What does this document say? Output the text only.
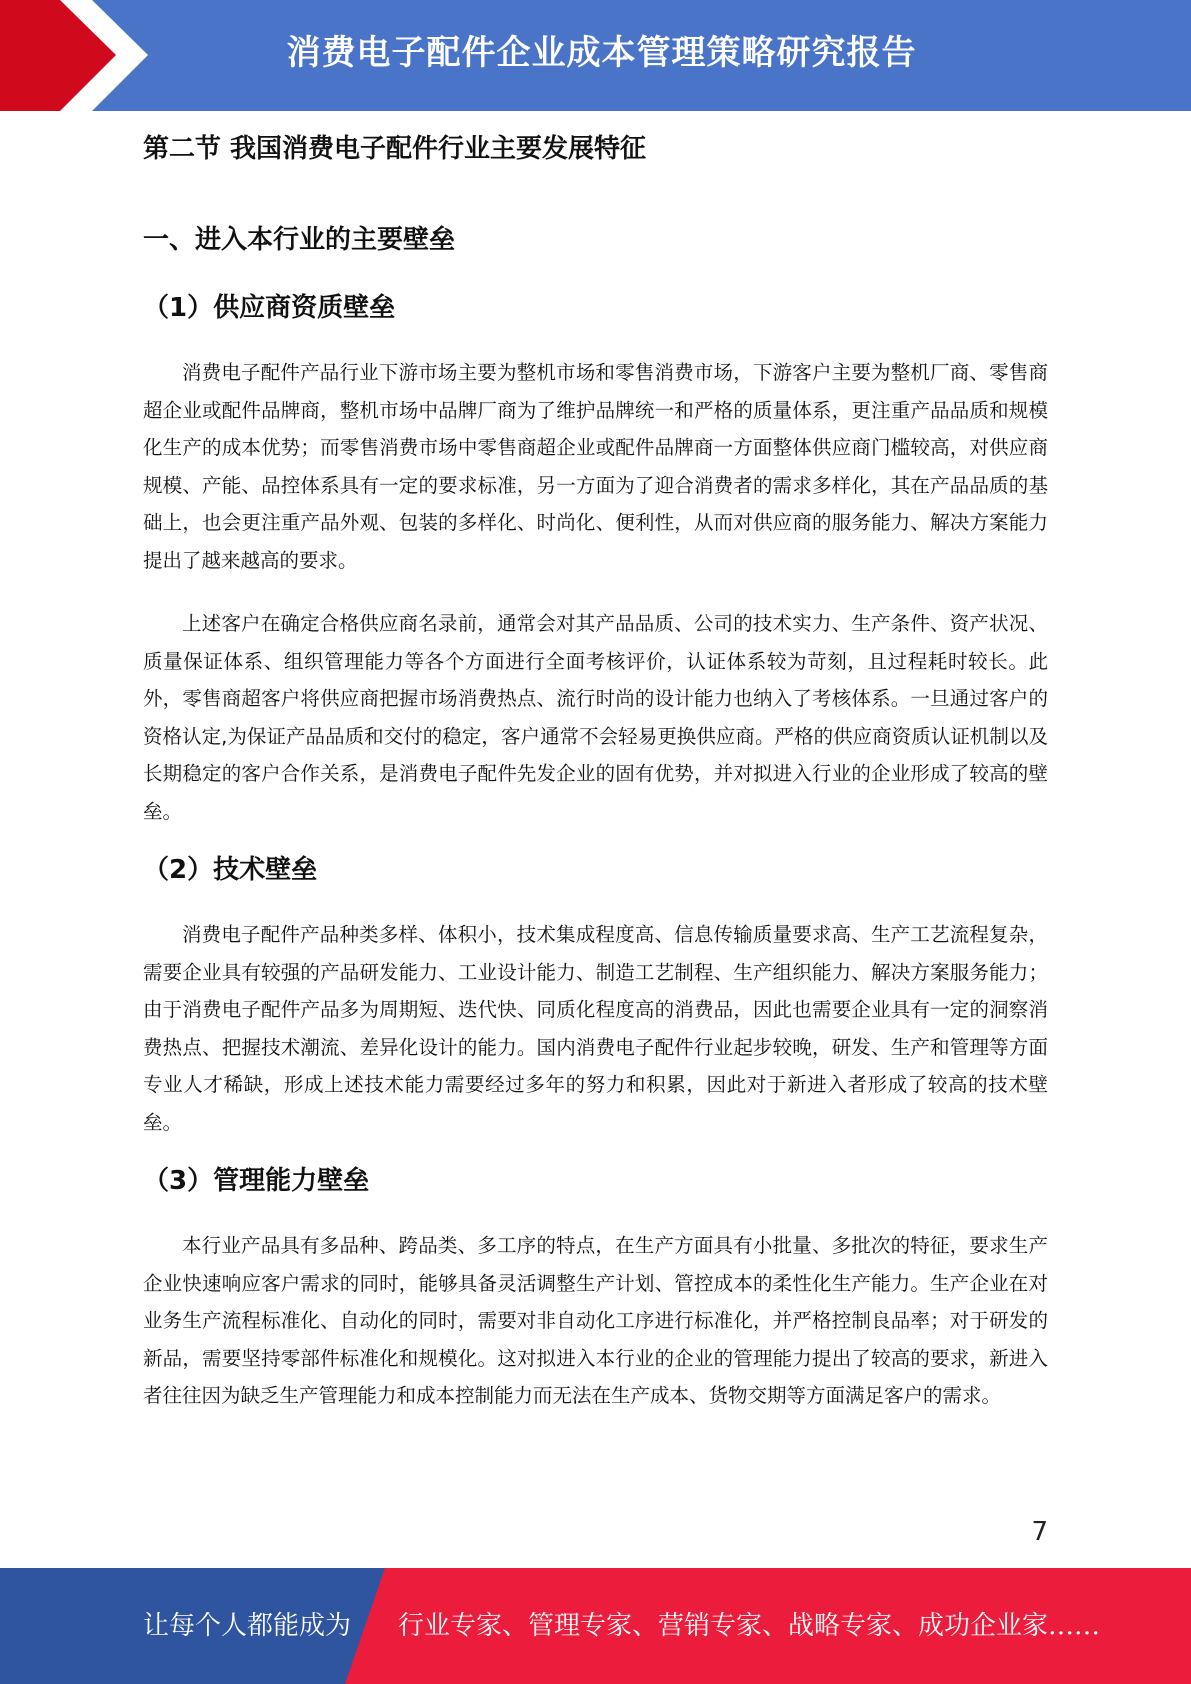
消费电子配件企业成本管理策略研究报告
第二节 我国消费电子配件行业主要发展特征
一、进入本行业的主要壁垒
（1）供应商资质壁垒

消费电子配件产品行业下游市场主要为整机市场和零售消费市场，下游客户主要为整机厂商、零售商超企业或配件品牌商，整机市场中品牌厂商为了维护品牌统一和严格的质量体系，更注重产品品质和规模化生产的成本优势；而零售消费市场中零售商超企业或配件品牌商一方面整体供应商门槛较高，对供应商规模、产能、品控体系具有一定的要求标准，另一方面为了迎合消费者的需求多样化，其在产品品质的基础上，也会更注重产品外观、包装的多样化、时尚化、便利性，从而对供应商的服务能力、解决方案能力提出了越来越高的要求。

上述客户在确定合格供应商名录前，通常会对其产品品质、公司的技术实力、生产条件、资产状况、质量保证体系、组织管理能力等各个方面进行全面考核评价，认证体系较为苛刻，且过程耗时较长。此外，零售商超客户将供应商把握市场消费热点、流行时尚的设计能力也纳入了考核体系。一旦通过客户的资格认定,为保证产品品质和交付的稳定，客户通常不会轻易更换供应商。严格的供应商资质认证机制以及长期稳定的客户合作关系，是消费电子配件先发企业的固有优势，并对拟进入行业的企业形成了较高的壁垒。

（2）技术壁垒

消费电子配件产品种类多样、体积小，技术集成程度高、信息传输质量要求高、生产工艺流程复杂，需要企业具有较强的产品研发能力、工业设计能力、制造工艺制程、生产组织能力、解决方案服务能力；由于消费电子配件产品多为周期短、迭代快、同质化程度高的消费品，因此也需要企业具有一定的洞察消费热点、把握技术潮流、差异化设计的能力。国内消费电子配件行业起步较晚，研发、生产和管理等方面专业人才稀缺，形成上述技术能力需要经过多年的努力和积累，因此对于新进入者形成了较高的技术壁垒。

（3）管理能力壁垒

本行业产品具有多品种、跨品类、多工序的特点，在生产方面具有小批量、多批次的特征，要求生产企业快速响应客户需求的同时，能够具备灵活调整生产计划、管控成本的柔性化生产能力。生产企业在对业务生产流程标准化、自动化的同时，需要对非自动化工序进行标准化，并严格控制良品率；对于研发的新品，需要坚持零部件标准化和规模化。这对拟进入本行业的企业的管理能力提出了较高的要求，新进入者往往因为缺乏生产管理能力和成本控制能力而无法在生产成本、货物交期等方面满足客户的需求。

7
让每个人都能成为 行业专家、管理专家、营销专家、战略专家、成功企业家……
